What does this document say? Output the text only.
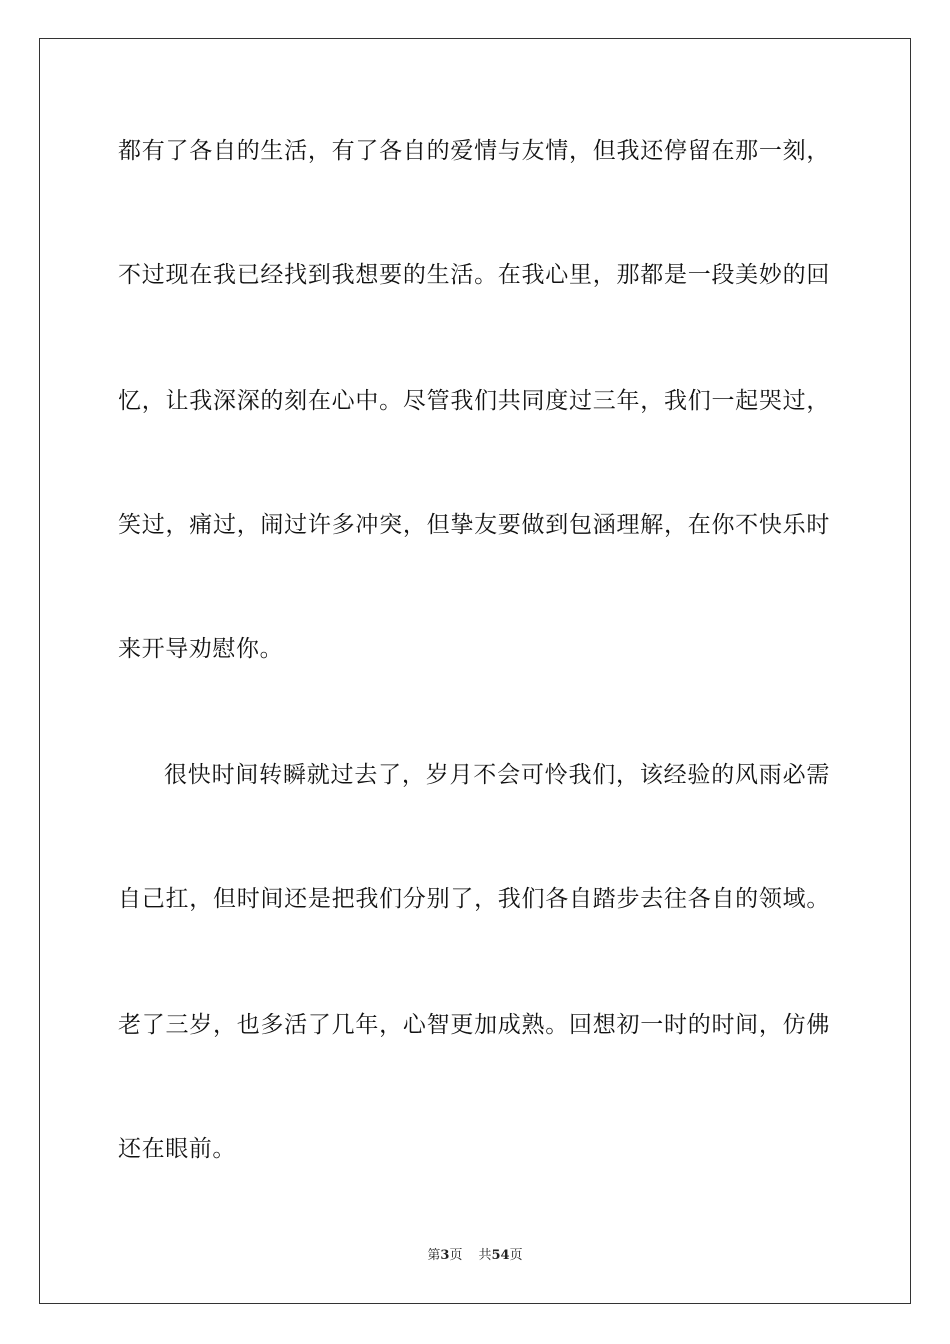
都有了各自的生活，有了各自的爱情与友情，但我还停留在那一刻，
不过现在我已经找到我想要的生活。在我心里，那都是一段美妙的回
忆，让我深深的刻在心中。尽管我们共同度过三年，我们一起哭过，
笑过，痛过，闹过许多冲突，但挚友要做到包涵理解，在你不快乐时
来开导劝慰你。
很快时间转瞬就过去了，岁月不会可怜我们，该经验的风雨必需
自己扛，但时间还是把我们分别了，我们各自踏步去往各自的领域。
老了三岁，也多活了几年，心智更加成熟。回想初一时的时间，仿佛
还在眼前。
第3页 共54页
